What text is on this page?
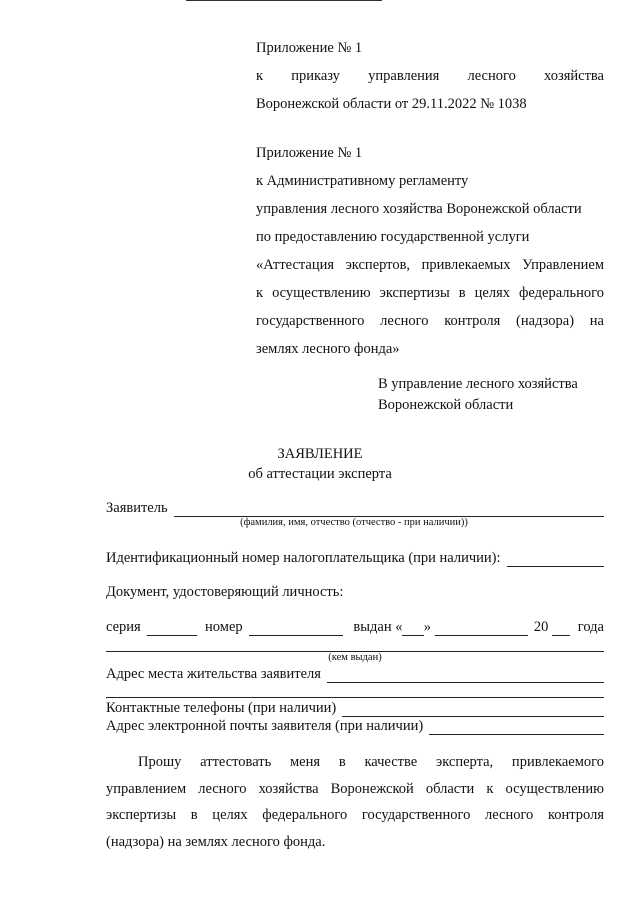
Приложение № 1
к приказу управления лесного хозяйства
Воронежской области от 29.11.2022 № 1038
Приложение № 1
к Административному регламенту
управления лесного хозяйства Воронежской области
по предоставлению государственной услуги
«Аттестация экспертов, привлекаемых Управлением
к осуществлению экспертизы в целях федерального
государственного лесного контроля (надзора) на
землях лесного фонда»
В управление лесного хозяйства
Воронежской области
ЗАЯВЛЕНИЕ
об аттестации эксперта
Заявитель
(фамилия, имя, отчество (отчество - при наличии))
Идентификационный номер налогоплательщика (при наличии):
Документ, удостоверяющий личность:
серия	номер	выдан « »	20 года
(кем выдан)
Адрес места жительства заявителя
Контактные телефоны (при наличии)
Адрес электронной почты заявителя (при наличии)
Прошу аттестовать меня в качестве эксперта, привлекаемого
управлением лесного хозяйства Воронежской области к осуществлению
экспертизы в целях федерального государственного лесного контроля
(надзора) на землях лесного фонда.
